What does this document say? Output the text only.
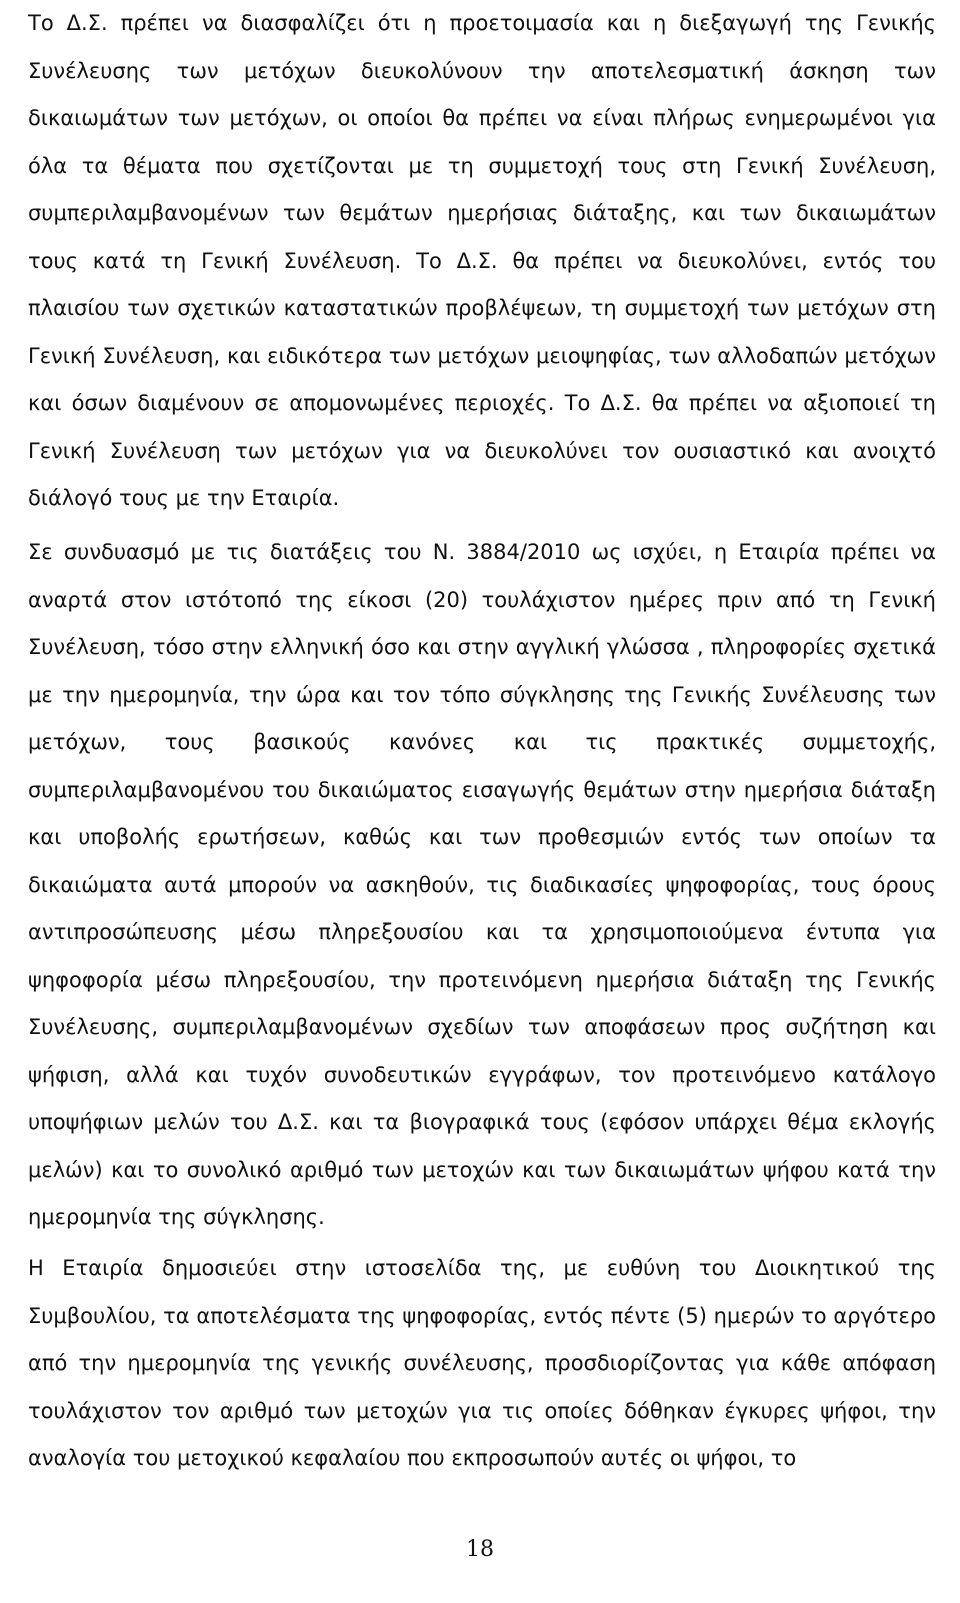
Το Δ.Σ. πρέπει να διασφαλίζει ότι η προετοιμασία και η διεξαγωγή της Γενικής Συνέλευσης των μετόχων διευκολύνουν την αποτελεσματική άσκηση των δικαιωμάτων των μετόχων, οι οποίοι θα πρέπει να είναι πλήρως ενημερωμένοι για όλα τα θέματα που σχετίζονται με τη συμμετοχή τους στη Γενική Συνέλευση, συμπεριλαμβανομένων των θεμάτων ημερήσιας διάταξης, και των δικαιωμάτων τους κατά τη Γενική Συνέλευση. Το Δ.Σ. θα πρέπει να διευκολύνει, εντός του πλαισίου των σχετικών καταστατικών προβλέψεων, τη συμμετοχή των μετόχων στη Γενική Συνέλευση, και ειδικότερα των μετόχων μειοψηφίας, των αλλοδαπών μετόχων και όσων διαμένουν σε απομονωμένες περιοχές. Το Δ.Σ. θα πρέπει να αξιοποιεί τη Γενική Συνέλευση των μετόχων για να διευκολύνει τον ουσιαστικό και ανοιχτό διάλογό τους με την Εταιρία.

Σε συνδυασμό με τις διατάξεις του Ν. 3884/2010 ως ισχύει, η Εταιρία πρέπει να αναρτά στον ιστότοπό της είκοσι (20) τουλάχιστον ημέρες πριν από τη Γενική Συνέλευση, τόσο στην ελληνική όσο και στην αγγλική γλώσσα , πληροφορίες σχετικά με την ημερομηνία, την ώρα και τον τόπο σύγκλησης της Γενικής Συνέλευσης των μετόχων, τους βασικούς κανόνες και τις πρακτικές συμμετοχής, συμπεριλαμβανομένου του δικαιώματος εισαγωγής θεμάτων στην ημερήσια διάταξη και υποβολής ερωτήσεων, καθώς και των προθεσμιών εντός των οποίων τα δικαιώματα αυτά μπορούν να ασκηθούν, τις διαδικασίες ψηφοφορίας, τους όρους αντιπροσώπευσης μέσω πληρεξουσίου και τα χρησιμοποιούμενα έντυπα για ψηφοφορία μέσω πληρεξουσίου, την προτεινόμενη ημερήσια διάταξη της Γενικής Συνέλευσης, συμπεριλαμβανομένων σχεδίων των αποφάσεων προς συζήτηση και ψήφιση, αλλά και τυχόν συνοδευτικών εγγράφων, τον προτεινόμενο κατάλογο υποψήφιων μελών του Δ.Σ. και τα βιογραφικά τους (εφόσον υπάρχει θέμα εκλογής μελών) και το συνολικό αριθμό των μετοχών και των δικαιωμάτων ψήφου κατά την ημερομηνία της σύγκλησης.

Η Εταιρία δημοσιεύει στην ιστοσελίδα της, με ευθύνη του Διοικητικού της Συμβουλίου, τα αποτελέσματα της ψηφοφορίας, εντός πέντε (5) ημερών το αργότερο από την ημερομηνία της γενικής συνέλευσης, προσδιορίζοντας για κάθε απόφαση τουλάχιστον τον αριθμό των μετοχών για τις οποίες δόθηκαν έγκυρες ψήφοι, την αναλογία του μετοχικού κεφαλαίου που εκπροσωπούν αυτές οι ψήφοι, το

18
